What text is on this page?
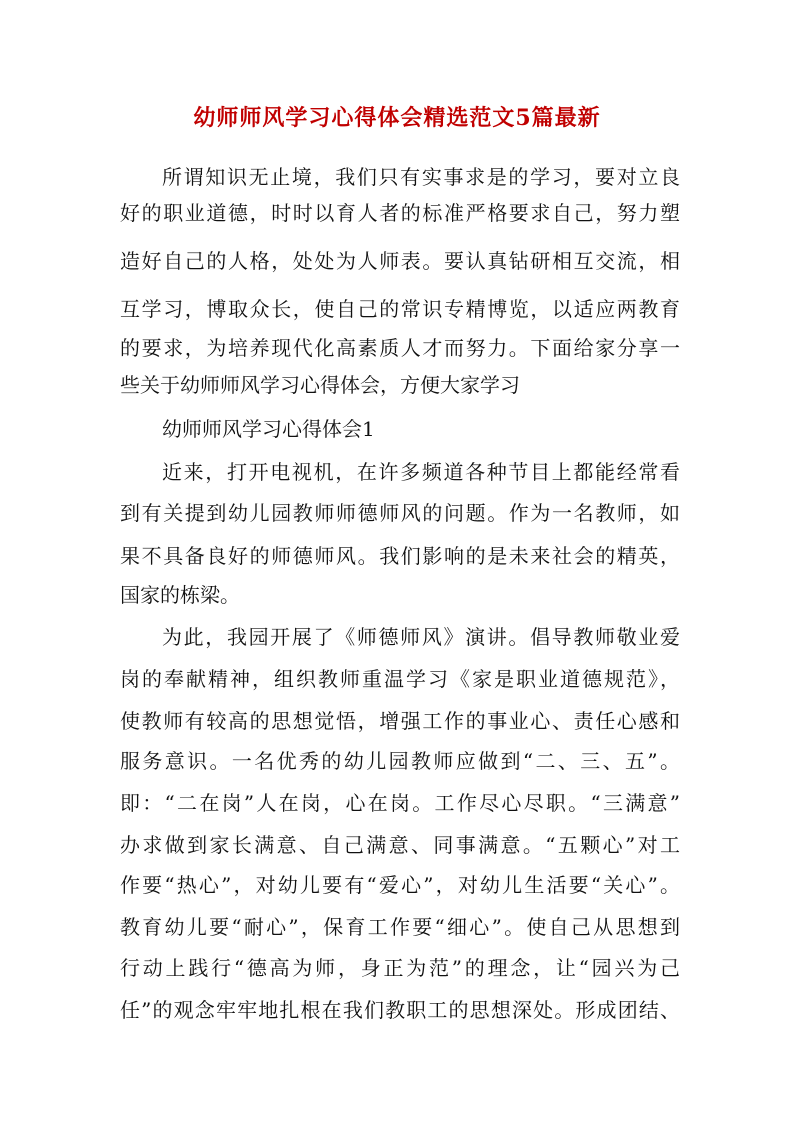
幼师师风学习心得体会精选范文5篇最新
所谓知识无止境，我们只有实事求是的学习，要对立良
好的职业道德，时时以育人者的标准严格要求自己，努力塑
造好自己的人格，处处为人师表。要认真钻研相互交流，相
互学习，博取众长，使自己的常识专精博览，以适应两教育
的要求，为培养现代化高素质人才而努力。下面给家分享一
些关于幼师师风学习心得体会，方便大家学习
幼师师风学习心得体会1
近来，打开电视机，在许多频道各种节目上都能经常看
到有关提到幼儿园教师师德师风的问题。作为一名教师，如
果不具备良好的师德师风。我们影响的是未来社会的精英，
国家的栋梁。
为此，我园开展了《师德师风》演讲。倡导教师敬业爱
岗的奉献精神，组织教师重温学习《家是职业道德规范》，
使教师有较高的思想觉悟，增强工作的事业心、责任心感和
服务意识。一名优秀的幼儿园教师应做到“二、三、五”。
即：“二在岗”人在岗，心在岗。工作尽心尽职。“三满意”
办求做到家长满意、自己满意、同事满意。“五颗心”对工
作要“热心”，对幼儿要有“爱心”，对幼儿生活要“关心”。
教育幼儿要“耐心”，保育工作要“细心”。使自己从思想到
行动上践行“德高为师，身正为范”的理念，让“园兴为己
任”的观念牢牢地扎根在我们教职工的思想深处。形成团结、
